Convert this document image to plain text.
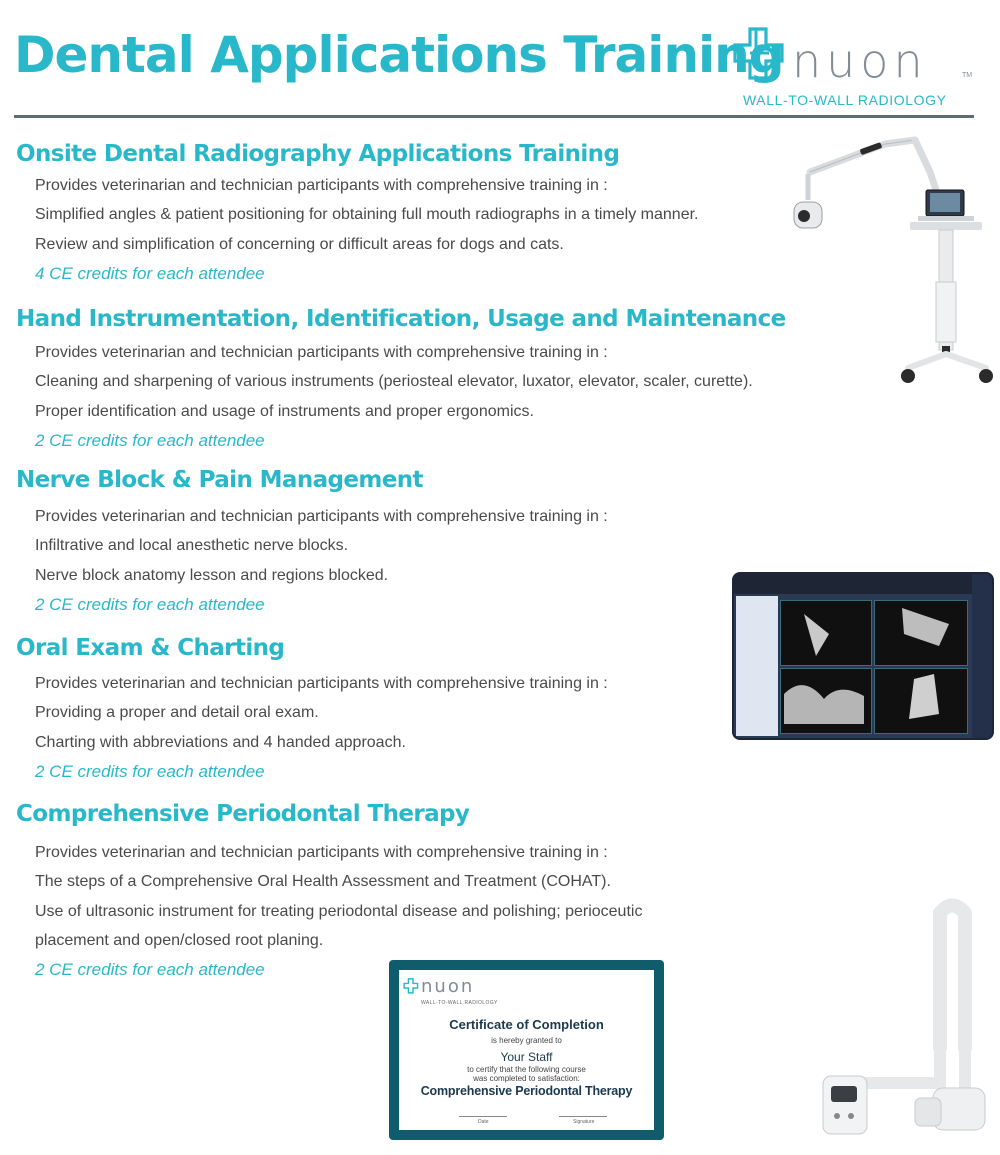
Dental Applications Training nuon	TM
WALL-TO-WALL RADIOLOGY
Onsite Dental Radiography Applications Training
Provides veterinarian and technician participants with comprehensive training in :
Simplified angles & patient positioning for obtaining full mouth radiographs in a timely manner.
Review and simplification of concerning or difficult areas for dogs and cats.
4 CE credits for each attendee
Hand Instrumentation, Identification, Usage and Maintenance
Provides veterinarian and technician participants with comprehensive training in :
Cleaning and sharpening of various instruments (periosteal elevator, luxator, elevator, scaler, curette).
Proper identification and usage of instruments and proper ergonomics.
2 CE credits for each attendee
Nerve Block & Pain Management
Provides veterinarian and technician participants with comprehensive training in :
Infiltrative and local anesthetic nerve blocks.
Nerve block anatomy lesson and regions blocked.
2 CE credits for each attendee
Oral Exam & Charting
Provides veterinarian and technician participants with comprehensive training in :
Providing a proper and detail oral exam.
Charting with abbreviations and 4 handed approach.
2 CE credits for each attendee
Comprehensive Periodontal Therapy
Provides veterinarian and technician participants with comprehensive training in :
The steps of a Comprehensive Oral Health Assessment and Treatment (COHAT).
Use of ultrasonic instrument for treating periodontal disease and polishing; perioceutic
placement and open/closed root planing.
2 CE credits for each attendee
nuon
WALL-TO-WALL RADIOLOGY
Certificate of Completion
is hereby granted to
Your Staff
to certify that the following course
was completed to satisfaction:
Comprehensive Periodontal Therapy
Date	Signature
